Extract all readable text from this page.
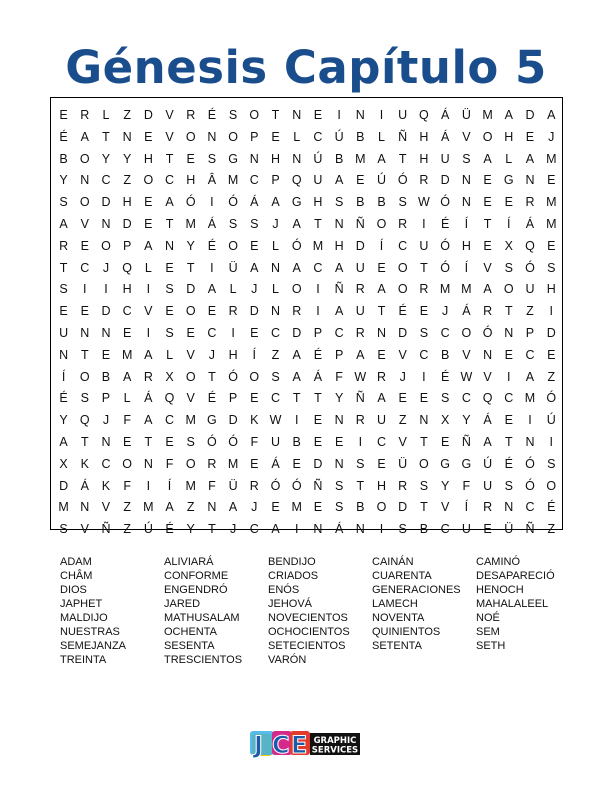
Génesis Capítulo 5
E	R	L	Z	D	V	R	É	S	O	T	N	E	I	N	I	U	Q	Á	Ü	M	A	D	A
É	A	T	N	E	V	O	N	O	P	E	L	C	Ú	B	L	Ñ	H	Á	V	O	H	E	J
B	O	Y	Y	H	T	E	S	G	N	H	N	Ú	B	M	A	T	H	U	S	A	L	A	M
Y	N	C	Z	O	C	H	Â	M	C	P	Q	U	A	E	Ú	Ó	R	D	N	E	G	N	E
S	O	D	H	E	A	Ó	I	Ó	Á	A	G	H	S	B	B	S	W	Ó	N	E	E	R	M
A	V	N	D	E	T	M	Á	S	S	J	A	T	N	Ñ	O	R	I	É	Í	T	Í	Á	M
R	E	O	P	A	N	Y	É	O	E	L	Ó	M	H	D	Í	C	U	Ó	H	E	X	Q	E
T	C	J	Q	L	E	T	I	Ü	A	N	A	C	A	U	E	O	T	Ó	Í	V	S	Ó	S
S	I	I	H	I	S	D	A	L	J	L	O	I	Ñ	R	A	O	R	M	M	A	O	U	H
E	E	D	C	V	E	O	E	R	D	N	R	I	A	U	T	É	E	J	Á	R	T	Z	I
U	N	N	E	I	S	E	C	I	E	C	D	P	C	R	N	D	S	C	O	Ó	N	P	D
N	T	E	M	A	L	V	J	H	Í	Z	A	É	P	A	E	V	C	B	V	N	E	C	E
Í	O	B	A	R	X	O	T	Ó	O	S	A	Á	F	W	R	J	I	É	W	V	I	A	Z
É	S	P	L	Á	Q	V	É	P	E	C	T	T	Y	Ñ	A	E	E	S	C	Q	C	M	Ó
Y	Q	J	F	A	C	M	G	D	K	W	I	E	N	R	U	Z	N	X	Y	Á	E	I	Ú
A	T	N	E	T	E	S	Ó	Ó	F	U	B	E	E	I	C	V	T	E	Ñ	A	T	N	I
X	K	C	O	N	F	O	R	M	E	Á	E	D	N	S	E	Ü	O	G	G	Ú	É	Ó	S
D	Á	K	F	I	Í	M	F	Ü	R	Ó	Ó	Ñ	S	T	H	R	S	Y	F	U	S	Ó	O
M	N	V	Z	M	A	Z	N	A	J	E	M	E	S	B	O	D	T	V	Í	R	N	C	É
S	V	Ñ	Z	Ú	É	Y	T	J	C	A	I	N	Á	N	I	S	B	C	U	E	Ü	Ñ	Z
ADAM	ALIVIARÁ	BENDIJO	CAINÁN	CAMINÓ
CHÂM	CONFORME	CRIADOS	CUARENTA	DESAPARECIÓ
DIOS	ENGENDRÓ	ENÓS	GENERACIONES	HENOCH
JAPHET	JARED	JEHOVÁ	LAMECH	MAHALALEEL
MALDIJO	MATHUSALAM	NOVECIENTOS	NOVENTA	NOÉ
NUESTRAS	OCHENTA	OCHOCIENTOS	QUINIENTOS	SEM
SEMEJANZA	SESENTA	SETECIENTOS	SETENTA	SETH
TREINTA	TRESCIENTOS	VARÓN
J C E GRAPHIC
SERVICES
